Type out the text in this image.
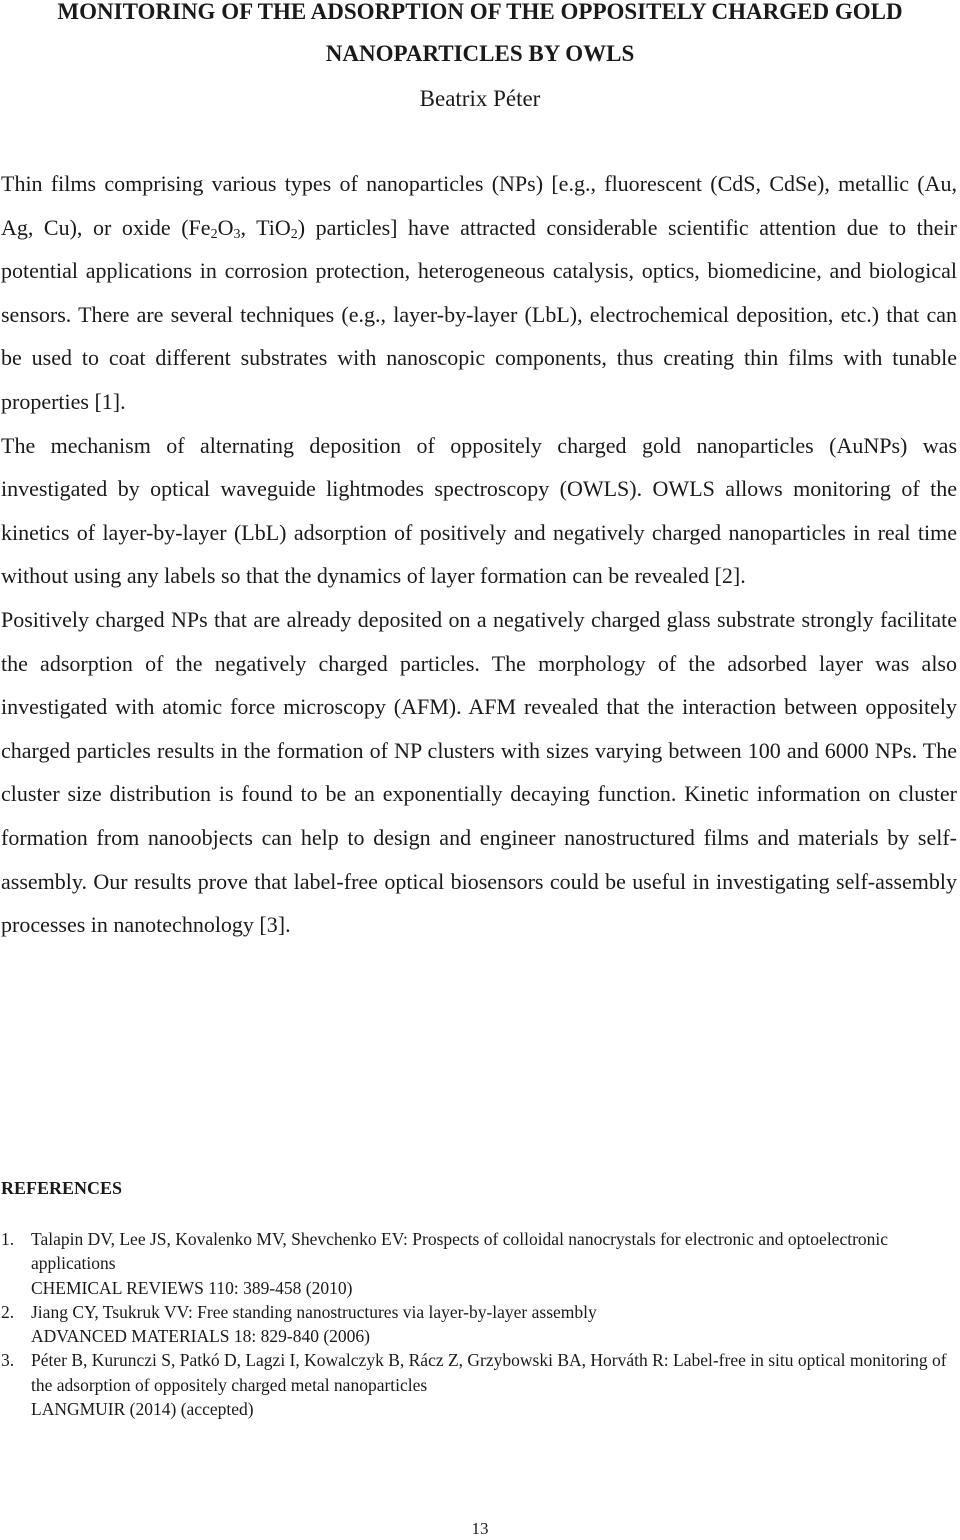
MONITORING OF THE ADSORPTION OF THE OPPOSITELY CHARGED GOLD
NANOPARTICLES BY OWLS

Beatrix Péter

Thin films comprising various types of nanoparticles (NPs) [e.g., fluorescent (CdS, CdSe), metallic (Au, Ag, Cu), or oxide ($Fe_2O_3$, TiO$_2$) particles] have attracted considerable scientific attention due to their potential applications in corrosion protection, heterogeneous catalysis, optics, biomedicine, and biological sensors. There are several techniques (e.g., layer-by-layer (LbL), electrochemical deposition, etc.) that can be used to coat different substrates with nanoscopic components, thus creating thin films with tunable properties [1].

The mechanism of alternating deposition of oppositely charged gold nanoparticles (AuNPs) was investigated by optical waveguide lightmodes spectroscopy (OWLS). OWLS allows monitoring of the kinetics of layer-by-layer (LbL) adsorption of positively and negatively charged nanoparticles in real time without using any labels so that the dynamics of layer formation can be revealed [2].

Positively charged NPs that are already deposited on a negatively charged glass substrate strongly facilitate the adsorption of the negatively charged particles. The morphology of the adsorbed layer was also investigated with atomic force microscopy (AFM). AFM revealed that the interaction between oppositely charged particles results in the formation of NP clusters with sizes varying between 100 and 6000 NPs. The cluster size distribution is found to be an exponentially decaying function. Kinetic information on cluster formation from nanoobjects can help to design and engineer nanostructured films and materials by self-assembly. Our results prove that label-free optical biosensors could be useful in investigating self-assembly processes in nanotechnology [3].

REFERENCES
1. Talapin DV, Lee JS, Kovalenko MV, Shevchenko EV: Prospects of colloidal nanocrystals for electronic and optoelectronic applications
CHEMICAL REVIEWS 110: 389-458 (2010)
2. Jiang CY, Tsukruk VV: Free standing nanostructures via layer-by-layer assembly
ADVANCED MATERIALS 18: 829-840 (2006)
3. Péter B, Kurunczi S, Patkó D, Lagzi I, Kowalczyk B, Rácz Z, Grzybowski BA, Horváth R: Label-free in situ optical monitoring of the adsorption of oppositely charged metal nanoparticles
LANGMUIR (2014) (accepted)
13
